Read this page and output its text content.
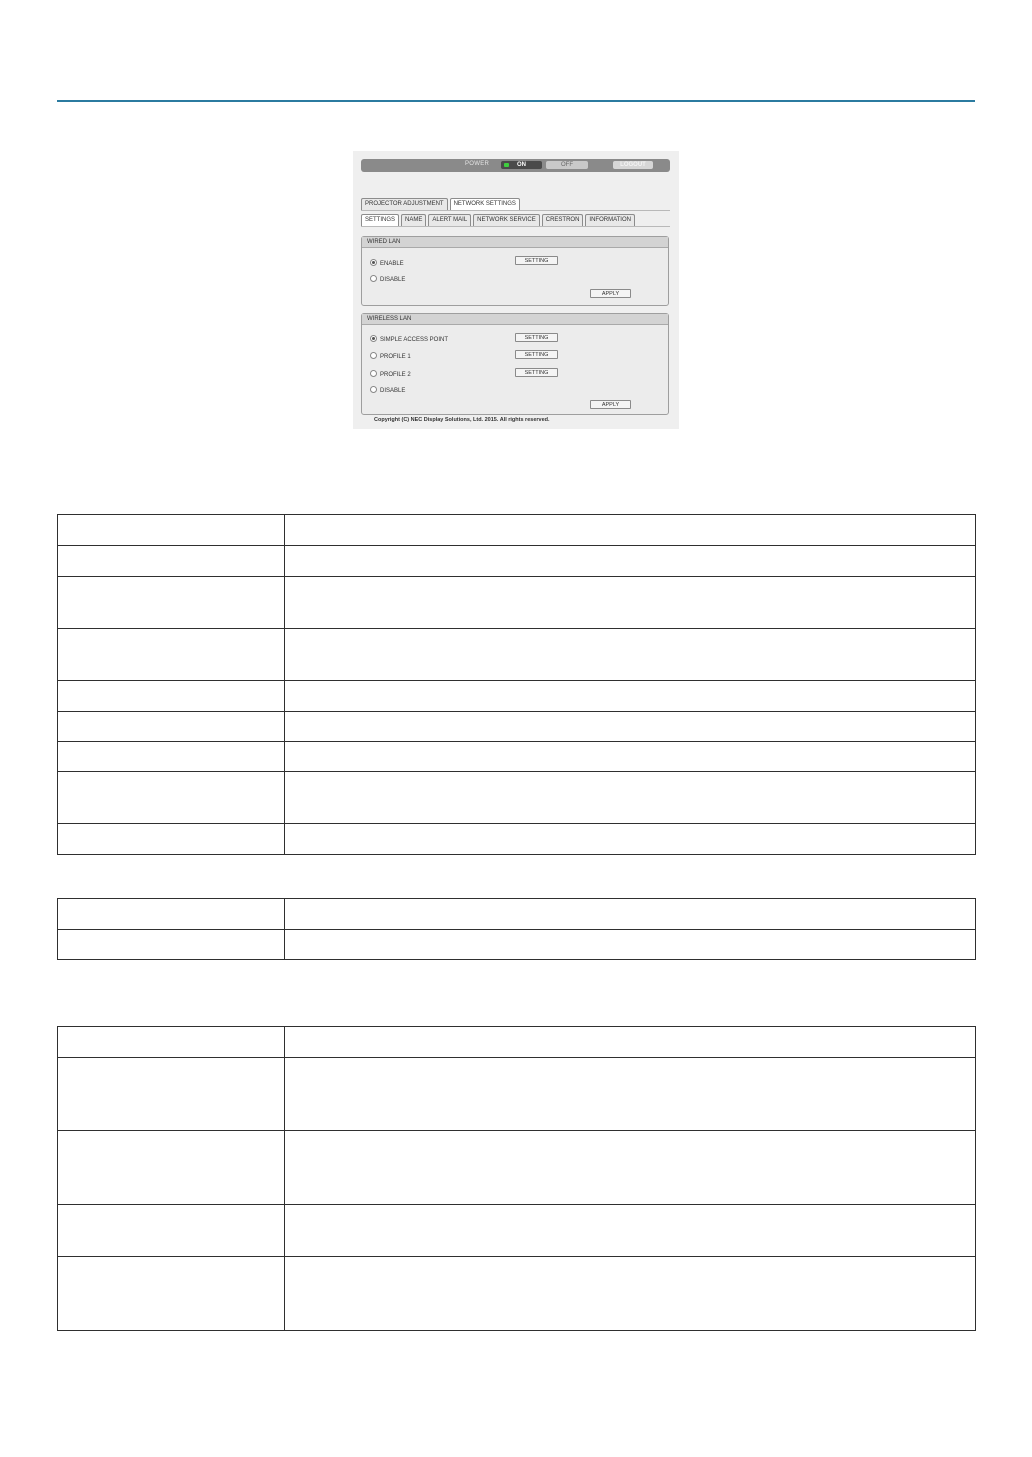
POWER	ON	OFF	LOGOUT
PROJECTOR ADJUSTMENT	NETWORK SETTINGS
SETTINGS	NAME	ALERT MAIL	NETWORK SERVICE	CRESTRON	INFORMATION
WIRED LAN
ENABLE	SETTING
DISABLE
APPLY
WIRELESS LAN
SIMPLE ACCESS POINT	SETTING
PROFILE 1	SETTING
PROFILE 2	SETTING
DISABLE
APPLY
Copyright (C) NEC Display Solutions, Ltd. 2015. All rights reserved.
